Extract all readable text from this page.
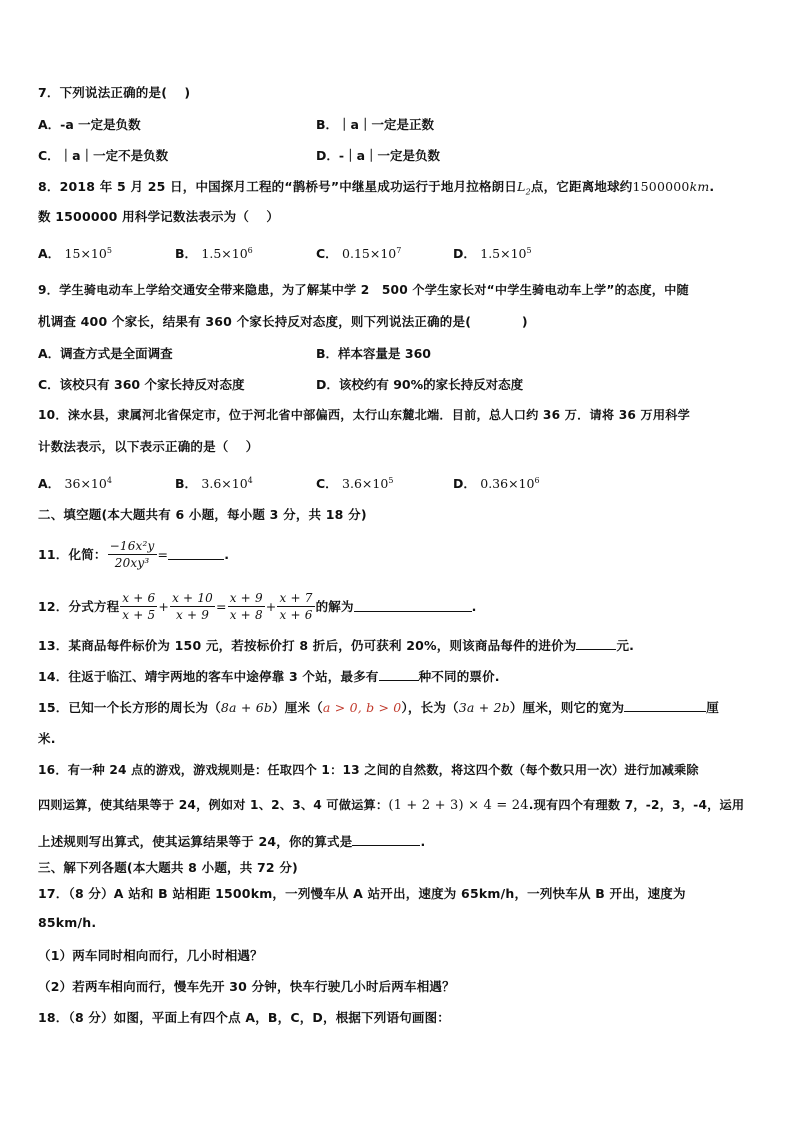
7．下列说法正确的是(  )
A．-a 一定是负数	B．｜a｜一定是正数
C．｜a｜一定不是负数	D．-｜a｜一定是负数
8．2018 年 5 月 25 日，中国探月工程的“鹊桥号”中继星成功运行于地月拉格朗日$L_2$点，它距离地球约1500000km.
数 1500000 用科学记数法表示为（  ）
A． $15\times 10^5$	B． $1.5\times 10^6$	C． $0.15\times 10^7$	D． $1.5\times 10^5$
9．学生骑电动车上学给交通安全带来隐患，为了解某中学 2 500 个学生家长对“中学生骑电动车上学”的态度，中随
机调查 400 个家长，结果有 360 个家长持反对态度，则下列说法正确的是(    )
A．调查方式是全面调查	B．样本容量是 360
C．该校只有 360 个家长持反对态度	D．该校约有 90%的家长持反对态度
10．涞水县，隶属河北省保定市，位于河北省中部偏西，太行山东麓北端．目前，总人口约 36 万．请将 36 万用科学
计数法表示，以下表示正确的是（  ）
A． $36\times 10^4$	B． $3.6\times 10^4$	C． $3.6\times 10^5$	D． $0.36\times 10^6$
二、填空题(本大题共有 6 小题，每小题 3 分，共 18 分)
11．化简： $\frac{\text{−16x²y}}{\text{20xy³}}$ =	.
12．分式方程 $\frac{x + 6}{x + 5} + \frac{x + 10}{x + 9} = \frac{x + 9}{x + 8} + \frac{x + 7}{x + 6}$ 的解为	.
13．某商品每件标价为 150 元，若按标价打 8 折后，仍可获利 20%，则该商品每件的进价为	元.
14．往返于临江、靖宇两地的客车中途停靠 3 个站，最多有	种不同的票价.
15．已知一个长方形的周长为（8a + 6b）厘米（a > 0, b > 0），长为（3a + 2b）厘米，则它的宽为	厘
米.
16．有一种 24 点的游戏，游戏规则是：任取四个 1：13 之间的自然数，将这四个数（每个数只用一次）进行加减乘除
四则运算，使其结果等于 24，例如对 1、2、3、4 可做运算：(1 + 2 + 3) × 4 = 24.现有四个有理数 7，-2，3，-4，运用
上述规则写出算式，使其运算结果等于 24，你的算式是	.
三、解下列各题(本大题共 8 小题，共 72 分)
17．（8 分）A 站和 B 站相距 1500km，一列慢车从 A 站开出，速度为 65km/h，一列快车从 B 开出，速度为
85km/h.
（1）两车同时相向而行，几小时相遇？
（2）若两车相向而行，慢车先开 30 分钟，快车行驶几小时后两车相遇？
18．（8 分）如图，平面上有四个点 A，B，C，D，根据下列语句画图：
